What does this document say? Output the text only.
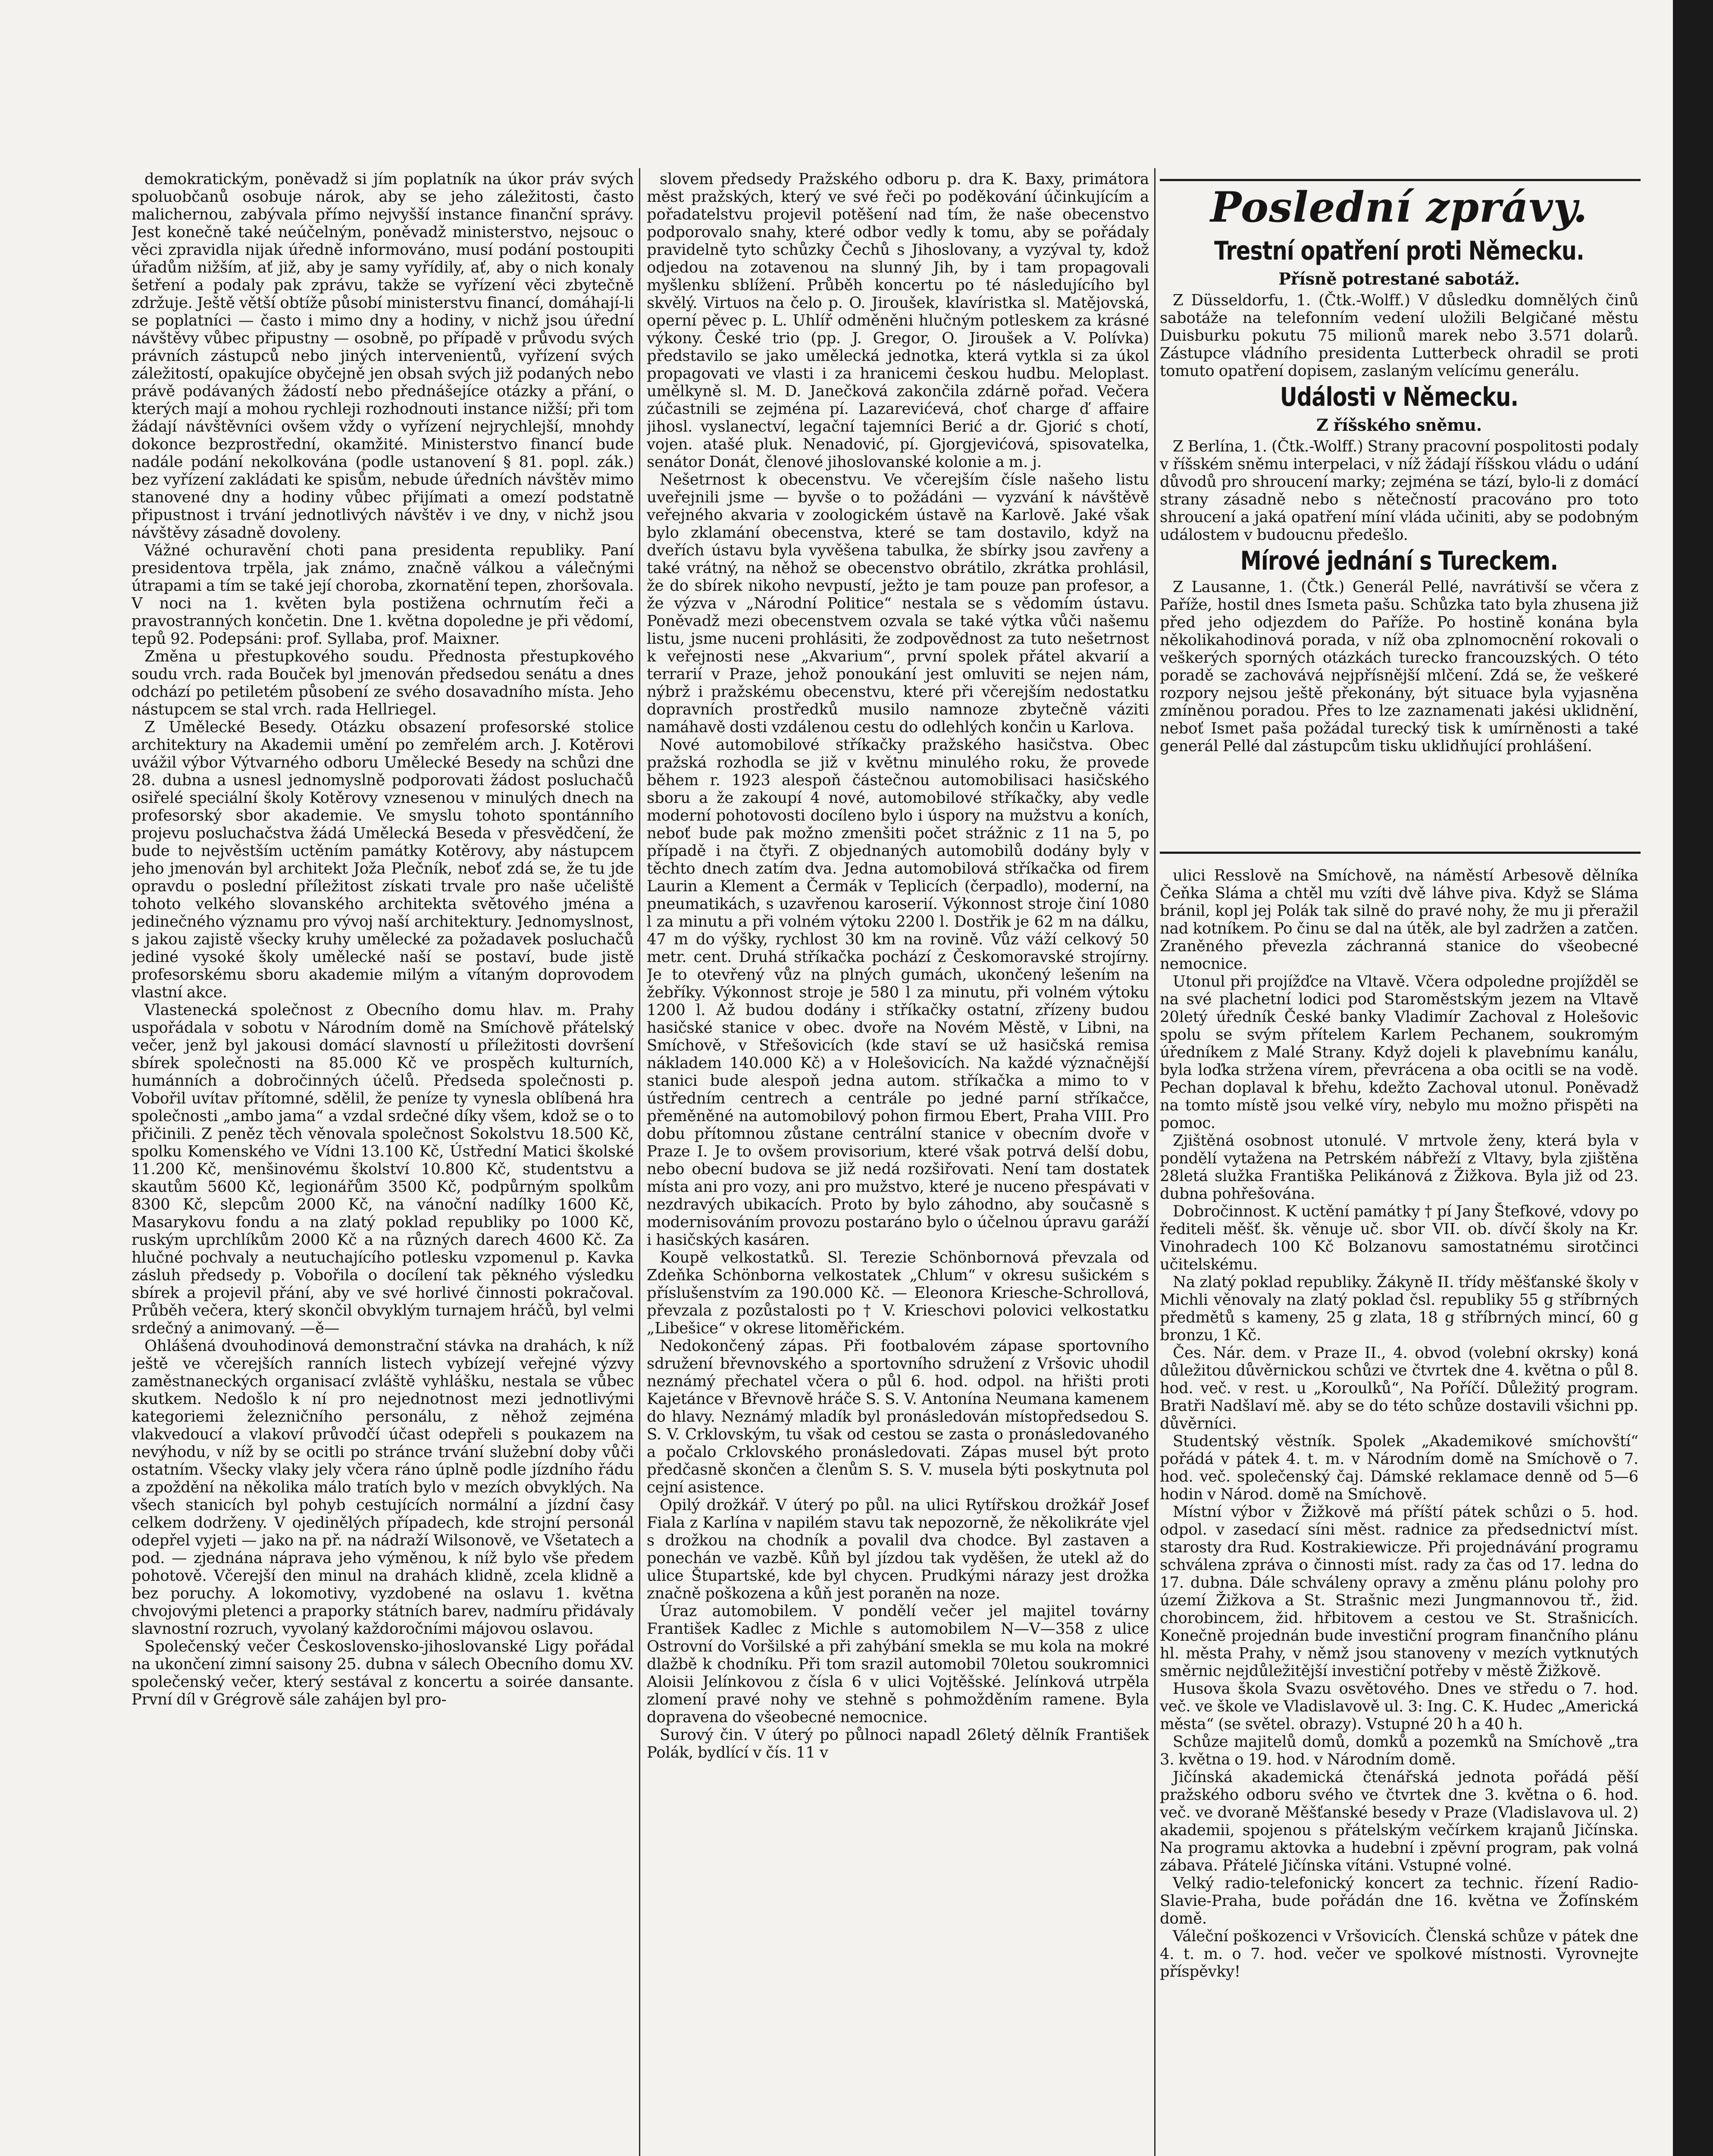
demokratickým, poněvadž si jím poplatník na úkor práv svých spoluobčanů osobuje nárok, aby se jeho záležitosti, často malichernou, zabývala přímo nejvyšší instance finanční správy. Jest konečně také neúčelným, poněvadž ministerstvo, nejsouc o věci zpravidla nijak úředně informováno, musí podání postoupiti úřadům nižším, ať již, aby je samy vyřídily, ať, aby o nich konaly šetření a podaly pak zprávu, takže se vyřízení věci zbytečně zdržuje. Ještě větší obtíže působí ministerstvu financí, domáhají-li se poplatníci — často i mimo dny a hodiny, v nichž jsou úřední návštěvy vůbec připustny — osobně, po případě v průvodu svých právních zástupců nebo jiných intervenientů, vyřízení svých záležitostí, opakujíce obyčejně jen obsah svých již podaných nebo právě podávaných žádostí nebo přednášejíce otázky a přání, o kterých mají a mohou rychleji rozhodnouti instance nižší; při tom žádají návštěvníci ovšem vždy o vyřízení nejrychlejší, mnohdy dokonce bezprostřední, okamžité. Ministerstvo financí bude nadále podání nekolkována (podle ustanovení § 81. popl. zák.) bez vyřízení zakládati ke spisům, nebude úředních návštěv mimo stanovené dny a hodiny vůbec přijímati a omezí podstatně připustnost i trvání jednotlivých návštěv i ve dny, v nichž jsou návštěvy zásadně dovoleny.

Vážné ochuravění choti pana presidenta republiky. Paní presidentova trpěla, jak známo, značně válkou a válečnými útrapami a tím se také její choroba, zkornatění tepen, zhoršovala. V noci na 1. květen byla postižena ochrnutím řeči a pravostranných končetin. Dne 1. května dopoledne je při vědomí, tepů 92. Podepsáni: prof. Syllaba, prof. Maixner.

Změna u přestupkového soudu. Přednosta přestupkového soudu vrch. rada Bouček byl jmenován předsedou senátu a dnes odchází po petiletém působení ze svého dosavadního místa. Jeho nástupcem se stal vrch. rada Hellriegel.

Z Umělecké Besedy. Otázku obsazení profesorské stolice architektury na Akademii umění po zemřelém arch. J. Kotěrovi uvážil výbor Výtvarného odboru Umělecké Besedy na schůzi dne 28. dubna a usnesl jednomyslně podporovati žádost posluchačů osiřelé speciální školy Kotěrovy vznesenou v minulých dnech na profesorský sbor akademie. Ve smyslu tohoto spontánního projevu posluchačstva žádá Umělecká Beseda v přesvědčení, že bude to nejvěstším uctěním památky Kotěrovy, aby nástupcem jeho jmenován byl architekt Joža Plečník, neboť zdá se, že tu jde opravdu o poslední příležitost získati trvale pro naše učeliště tohoto velkého slovanského architekta světového jména a jedinečného významu pro vývoj naší architektury. Jednomyslnost, s jakou zajistě všecky kruhy umělecké za požadavek posluchačů jediné vysoké školy umělecké naší se postaví, bude jistě profesorskému sboru akademie milým a vítaným doprovodem vlastní akce.

Vlastenecká společnost z Obecního domu hlav. m. Prahy uspořádala v sobotu v Národním domě na Smíchově přátelský večer, jenž byl jakousi domácí slavností u příležitosti dovršení sbírek společnosti na 85.000 Kč ve prospěch kulturních, humánních a dobročinných účelů. Předseda společnosti p. Vobořil uvítav přítomné, sdělil, že peníze ty vynesla oblíbená hra společnosti „ambo jama“ a vzdal srdečné díky všem, kdož se o to přičinili. Z peněz těch věnovala společnost Sokolstvu 18.500 Kč, spolku Komenského ve Vídni 13.100 Kč, Ústřední Matici školské 11.200 Kč, menšinovému školství 10.800 Kč, studentstvu a skautům 5600 Kč, legionářům 3500 Kč, podpůrným spolkům 8300 Kč, slepcům 2000 Kč, na vánoční nadílky 1600 Kč, Masarykovu fondu a na zlatý poklad republiky po 1000 Kč, ruským uprchlíkům 2000 Kč a na různých darech 4600 Kč. Za hlučné pochvaly a neutuchajícího potlesku vzpomenul p. Kavka zásluh předsedy p. Vobořila o docílení tak pěkného výsledku sbírek a projevil přání, aby ve své horlivé činnosti pokračoval. Průběh večera, který skončil obvyklým turnajem hráčů, byl velmi srdečný a animovaný. —ě—

Ohlášená dvouhodinová demonstrační stávka na drahách, k níž ještě ve včerejších ranních listech vybízejí veřejné výzvy zaměstnaneckých organisací zvláště vyhlášku, nestala se vůbec skutkem. Nedošlo k ní pro nejednotnost mezi jednotlivými kategoriemi železničního personálu, z něhož zejména vlakvedoucí a vlakoví průvodčí účast odepřeli s poukazem na nevýhodu, v níž by se ocitli po stránce trvání služební doby vůči ostatním. Všecky vlaky jely včera ráno úplně podle jízdního řádu a zpoždění na několika málo tratích bylo v mezích obvyklých. Na všech stanicích byl pohyb cestujících normální a jízdní časy celkem dodrženy. V ojedinělých případech, kde strojní personál odepřel vyjeti — jako na př. na nádraží Wilsonově, ve Všetatech a pod. — zjednána náprava jeho výměnou, k níž bylo vše předem pohotově. Včerejší den minul na drahách klidně, zcela klidně a bez poruchy. A lokomotivy, vyzdobené na oslavu 1. května chvojovými pletenci a praporky státních barev, nadmíru přidávaly slavnostní rozruch, vyvolaný každoročními májovou oslavou.

Společenský večer Československo-jihoslovanské Ligy pořádal na ukončení zimní saisony 25. dubna v sálech Obecního domu XV. společenský večer, který sestával z koncertu a soirée dansante. První díl v Grégrově sále zahájen byl pro-

slovem předsedy Pražského odboru p. dra K. Baxy, primátora měst pražských, který ve své řeči po poděkování účinkujícím a pořadatelstvu projevil potěšení nad tím, že naše obecenstvo podporovalo snahy, které odbor vedly k tomu, aby se pořádaly pravidelně tyto schůzky Čechů s Jihoslovany, a vyzýval ty, kdož odjedou na zotavenou na slunný Jih, by i tam propagovali myšlenku sblížení. Průběh koncertu po té následujícího byl skvělý. Virtuos na čelo p. O. Jiroušek, klavíristka sl. Matějovská, operní pěvec p. L. Uhlíř odměněni hlučným potleskem za krásné výkony. České trio (pp. J. Gregor, O. Jiroušek a V. Polívka) představilo se jako umělecká jednotka, která vytkla si za úkol propagovati ve vlasti i za hranicemi českou hudbu. Meloplast. umělkyně sl. M. D. Janečková zakončila zdárně pořad. Večera zúčastnili se zejména pí. Lazarevićevá, choť charge ď affaire jihosl. vyslanectví, legační tajemníci Berić a dr. Gjorić s chotí, vojen. atašé pluk. Nenadović, pí. Gjorgjevićová, spisovatelka, senátor Donát, členové jihoslovanské kolonie a m. j.

Nešetrnost k obecenstvu. Ve včerejším čísle našeho listu uveřejnili jsme — byvše o to požádáni — vyzvání k návštěvě veřejného akvaria v zoologickém ústavě na Karlově. Jaké však bylo zklamání obecenstva, které se tam dostavilo, když na dveřích ústavu byla vyvěšena tabulka, že sbírky jsou zavřeny a také vrátný, na něhož se obecenstvo obrátilo, zkrátka prohlásil, že do sbírek nikoho nevpustí, ježto je tam pouze pan profesor, a že výzva v „Národní Politice“ nestala se s vědomím ústavu. Poněvadž mezi obecenstvem ozvala se také výtka vůči našemu listu, jsme nuceni prohlásiti, že zodpovědnost za tuto nešetrnost k veřejnosti nese „Akvarium“, první spolek přátel akvarií a terrarií v Praze, jehož ponoukání jest omluviti se nejen nám, nýbrž i pražskému obecenstvu, které při včerejším nedostatku dopravních prostředků musilo namnoze zbytečně váziti namáhavě dosti vzdálenou cestu do odlehlých končin u Karlova.

Nové automobilové stříkačky pražského hasičstva. Obec pražská rozhodla se již v květnu minulého roku, že provede během r. 1923 alespoň částečnou automobilisaci hasičského sboru a že zakoupí 4 nové, automobilové stříkačky, aby vedle moderní pohotovosti docíleno bylo i úspory na mužstvu a koních, neboť bude pak možno zmenšiti počet strážnic z 11 na 5, po případě i na čtyři. Z objednaných automobilů dodány byly v těchto dnech zatím dva. Jedna automobilová stříkačka od firem Laurin a Klement a Čermák v Teplicích (čerpadlo), moderní, na pneumatikách, s uzavřenou karoserií. Výkonnost stroje činí 1080 l za minutu a při volném výtoku 2200 l. Dostřik je 62 m na dálku, 47 m do výšky, rychlost 30 km na rovině. Vůz váží celkový 50 metr. cent. Druhá stříkačka pochází z Českomoravské strojírny. Je to otevřený vůz na plných gumách, ukončený lešením na žebříky. Výkonnost stroje je 580 l za minutu, při volném výtoku 1200 l. Až budou dodány i stříkačky ostatní, zřízeny budou hasičské stanice v obec. dvoře na Novém Městě, v Libni, na Smíchově, v Střešovicích (kde staví se už hasičská remisa nákladem 140.000 Kč) a v Holešovicích. Na každé význačnější stanici bude alespoň jedna autom. stříkačka a mimo to v ústředním centrech a centrále po jedné parní stříkačce, přeměněné na automobilový pohon firmou Ebert, Praha VIII. Pro dobu přítomnou zůstane centrální stanice v obecním dvoře v Praze I. Je to ovšem provisorium, které však potrvá delší dobu, nebo obecní budova se již nedá rozšiřovati. Není tam dostatek místa ani pro vozy, ani pro mužstvo, které je nuceno přespávati v nezdravých ubikacích. Proto by bylo záhodno, aby současně s modernisováním provozu postaráno bylo o účelnou úpravu garáží i hasičských kasáren.

Koupě velkostatků. Sl. Terezie Schönbornová převzala od Zdeňka Schönborna velkostatek „Chlum“ v okresu sušickém s příslušenstvím za 190.000 Kč. — Eleonora Kriesche-Schrollová, převzala z pozůstalosti po † V. Krieschovi polovici velkostatku „Libešice“ v okrese litoměřickém.

Nedokončený zápas. Při footbalovém zápase sportovního sdružení břevnovského a sportovního sdružení z Vršovic uhodil neznámý přechatel včera o půl 6. hod. odpol. na hřišti proti Kajetánce v Břevnově hráče S. S. V. Antonína Neumana kamenem do hlavy. Neznámý mladík byl pronásledován místopředsedou S. S. V. Crklovským, tu však od cestou se zasta o pronásledovaného a počalo Crklovského pronásledovati. Zápas musel být proto předčasně skončen a členům S. S. V. musela býti poskytnuta pol cejní asistence.

Opilý drožkář. V úterý po půl. na ulici Rytířskou drožkář Josef Fiala z Karlína v napilém stavu tak nepozorně, že několikráte vjel s drožkou na chodník a povalil dva chodce. Byl zastaven a ponechán ve vazbě. Kůň byl jízdou tak vyděšen, že utekl až do ulice Štupartské, kde byl chycen. Prudkými nárazy jest drožka značně poškozena a kůň jest poraněn na noze.

Úraz automobilem. V pondělí večer jel majitel továrny František Kadlec z Michle s automobilem N—V—358 z ulice Ostrovní do Voršilské a při zahýbání smekla se mu kola na mokré dlažbě k chodníku. Při tom srazil automobil 70letou soukromnici Aloisii Jelínkovou z čísla 6 v ulici Vojtěšské. Jelínková utrpěla zlomení pravé nohy ve stehně s pohmožděním ramene. Byla dopravena do všeobecné nemocnice.

Surový čin. V úterý po půlnoci napadl 26letý dělník František Polák, bydlící v čís. 11 v

Poslední zprávy.
Trestní opatření proti Německu.
Přísně potrestané sabotáž.

Z Düsseldorfu, 1. (Čtk.-Wolff.) V důsledku domnělých činů sabotáže na telefonním vedení uložili Belgičané městu Duisburku pokutu 75 milionů marek nebo 3.571 dolarů. Zástupce vládního presidenta Lutterbeck ohradil se proti tomuto opatření dopisem, zaslaným velícímu generálu.

Události v Německu.
Z říšského sněmu.

Z Berlína, 1. (Čtk.-Wolff.) Strany pracovní pospolitosti podaly v říšském sněmu interpelaci, v níž žádají říšskou vládu o udání důvodů pro shroucení marky; zejména se tází, bylo-li z domácí strany zásadně nebo s nětečností pracováno pro toto shroucení a jaká opatření míní vláda učiniti, aby se podobným událostem v budoucnu předešlo.

Mírové jednání s Tureckem.

Z Lausanne, 1. (Čtk.) Generál Pellé, navrátivší se včera z Paříže, hostil dnes Ismeta pašu. Schůzka tato byla zhusena již před jeho odjezdem do Paříže. Po hostině konána byla několikahodinová porada, v níž oba zplnomocnění rokovali o veškerých sporných otázkách turecko francouzských. O této poradě se zachovává nejpřísnější mlčení. Zdá se, že veškeré rozpory nejsou ještě překonány, být situace byla vyjasněna zmíněnou poradou. Přes to lze zaznamenati jakési uklidnění, neboť Ismet paša požádal turecký tisk k umírněnosti a také generál Pellé dal zástupcům tisku uklidňující prohlášení.

ulici Resslově na Smíchově, na náměstí Arbesově dělníka Čeňka Sláma a chtěl mu vzíti dvě láhve piva. Když se Sláma bránil, kopl jej Polák tak silně do pravé nohy, že mu ji přeražil nad kotníkem. Po činu se dal na útěk, ale byl zadržen a zatčen. Zraněného převezla záchranná stanice do všeobecné nemocnice.

Utonul při projížďce na Vltavě. Včera odpoledne projížděl se na své plachetní lodici pod Staroměstským jezem na Vltavě 20letý úředník České banky Vladimír Zachoval z Holešovic spolu se svým přítelem Karlem Pechanem, soukromým úředníkem z Malé Strany. Když dojeli k plavebnímu kanálu, byla loďka stržena vírem, převrácena a oba ocitli se na vodě. Pechan doplaval k břehu, kdežto Zachoval utonul. Poněvadž na tomto místě jsou velké víry, nebylo mu možno přispěti na pomoc.

Zjištěná osobnost utonulé. V mrtvole ženy, která byla v pondělí vytažena na Petrském nábřeží z Vltavy, byla zjištěna 28letá služka Františka Pelikánová z Žižkova. Byla již od 23. dubna pohřešována.

Dobročinnost. K uctění památky † pí Jany Štefkové, vdovy po řediteli měšť. šk. věnuje uč. sbor VII. ob. dívčí školy na Kr. Vinohradech 100 Kč Bolzanovu samostatnému sirotčinci učitelskému.

Na zlatý poklad republiky. Žákyně II. třídy měšťanské školy v Michli věnovaly na zlatý poklad čsl. republiky 55 g stříbrných předmětů s kameny, 25 g zlata, 18 g stříbrných mincí, 60 g bronzu, 1 Kč.

Čes. Nár. dem. v Praze II., 4. obvod (volební okrsky) koná důležitou důvěrnickou schůzi ve čtvrtek dne 4. května o půl 8. hod. več. v rest. u „Koroulků“, Na Poříčí. Důležitý program. Bratři Nadšlaví mě. aby se do této schůze dostavili všichni pp. důvěrníci.

Studentský věstník. Spolek „Akademikové smíchovští“ pořádá v pátek 4. t. m. v Národním domě na Smíchově o 7. hod. več. společenský čaj. Dámské reklamace denně od 5—6 hodin v Národ. domě na Smíchově.

Místní výbor v Žižkově má příští pátek schůzi o 5. hod. odpol. v zasedací síni měst. radnice za předsednictví míst. starosty dra Rud. Kostrakiewicze. Při projednávání programu schválena zpráva o činnosti míst. rady za čas od 17. ledna do 17. dubna. Dále schváleny opravy a změnu plánu polohy pro území Žižkova a St. Strašnic mezi Jungmannovou tř., žid. chorobincem, žid. hřbitovem a cestou ve St. Strašnicích. Konečně projednán bude investiční program finančního plánu hl. města Prahy, v němž jsou stanoveny v mezích vytknutých směrnic nejdůležitější investiční potřeby v městě Žižkově.

Husova škola Svazu osvětového. Dnes ve středu o 7. hod. več. ve škole ve Vladislavově ul. 3: Ing. C. K. Hudec „Americká města“ (se světel. obrazy). Vstupné 20 h a 40 h.

Schůze majitelů domů, domků a pozemků na Smíchově „tra 3. května o 19. hod. v Národním domě.

Jičínská akademická čtenářská jednota pořádá pěší pražského odboru svého ve čtvrtek dne 3. května o 6. hod. več. ve dvoraně Měšťanské besedy v Praze (Vladislavova ul. 2) akademii, spojenou s přátelským večírkem krajanů Jičínska. Na programu aktovka a hudební i zpěvní program, pak volná zábava. Přátelé Jičínska vítáni. Vstupné volné.

Velký radio-telefonický koncert za technic. řízení Radio-Slavie-Praha, bude pořádán dne 16. května ve Žofínském domě.

Váleční poškozenci v Vršovicích. Členská schůze v pátek dne 4. t. m. o 7. hod. večer ve spolkové místnosti. Vyrovnejte příspěvky!
